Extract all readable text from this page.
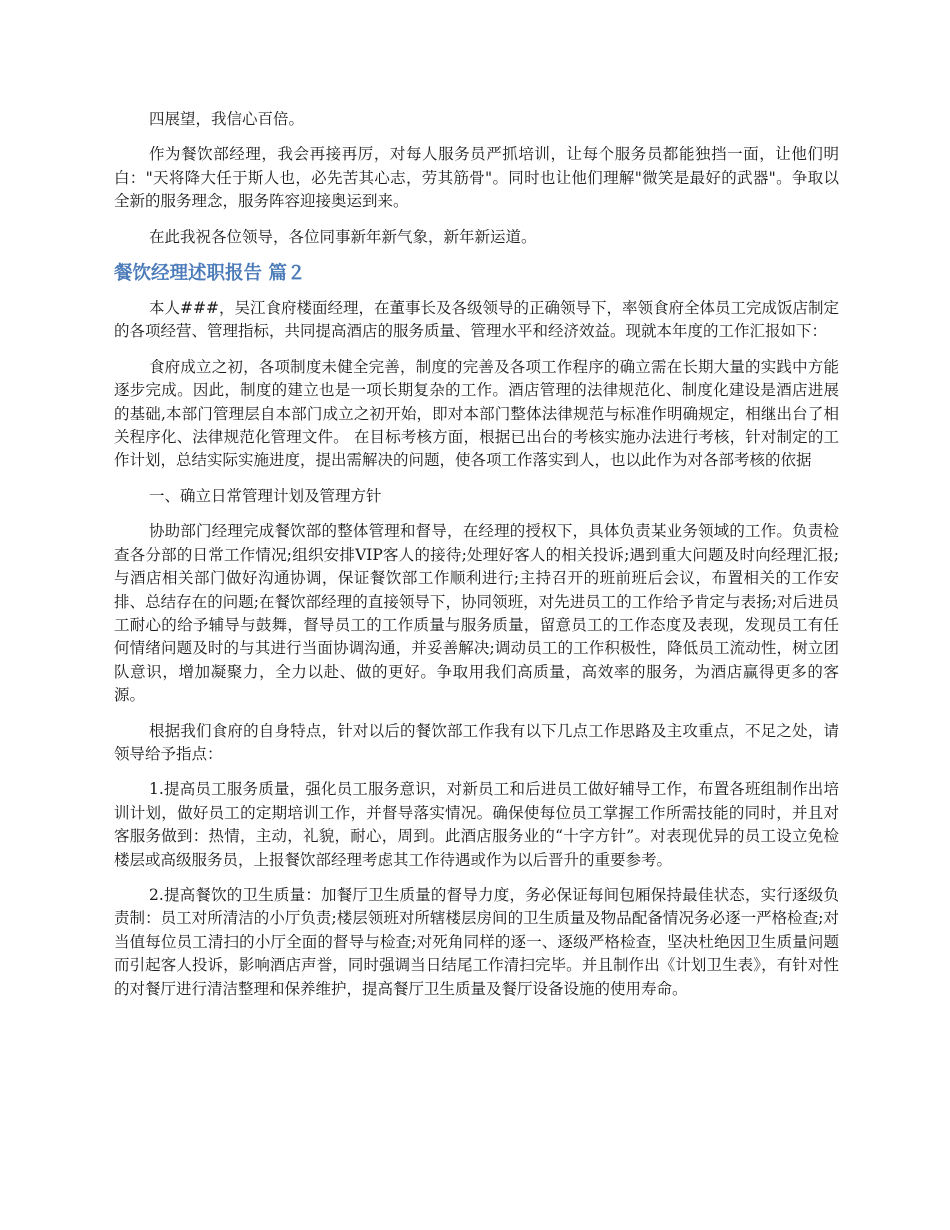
四展望，我信心百倍。

作为餐饮部经理，我会再接再厉，对每人服务员严抓培训，让每个服务员都能独挡一面，让他们明白："天将降大任于斯人也，必先苦其心志，劳其筋骨"。同时也让他们理解"微笑是最好的武器"。争取以全新的服务理念，服务阵容迎接奥运到来。

在此我祝各位领导，各位同事新年新气象，新年新运道。

餐饮经理述职报告 篇２

本人###，吴江食府楼面经理，在董事长及各级领导的正确领导下，率领食府全体员工完成饭店制定的各项经营、管理指标，共同提高酒店的服务质量、管理水平和经济效益。现就本年度的工作汇报如下：

食府成立之初，各项制度未健全完善，制度的完善及各项工作程序的确立需在长期大量的实践中方能逐步完成。因此，制度的建立也是一项长期复杂的工作。酒店管理的法律规范化、制度化建设是酒店进展的基础,本部门管理层自本部门成立之初开始，即对本部门整体法律规范与标准作明确规定，相继出台了相关程序化、法律规范化管理文件。 在目标考核方面，根据已出台的考核实施办法进行考核，针对制定的工作计划，总结实际实施进度，提出需解决的问题，使各项工作落实到人，也以此作为对各部考核的依据

一、确立日常管理计划及管理方针

协助部门经理完成餐饮部的整体管理和督导，在经理的授权下，具体负责某业务领域的工作。负责检查各分部的日常工作情况;组织安排VIP客人的接待;处理好客人的相关投诉;遇到重大问题及时向经理汇报;与酒店相关部门做好沟通协调，保证餐饮部工作顺利进行;主持召开的班前班后会议，布置相关的工作安排、总结存在的问题;在餐饮部经理的直接领导下，协同领班，对先进员工的工作给予肯定与表扬;对后进员工耐心的给予辅导与鼓舞，督导员工的工作质量与服务质量，留意员工的工作态度及表现，发现员工有任何情绪问题及时的与其进行当面协调沟通，并妥善解决;调动员工的工作积极性，降低员工流动性，树立团队意识，增加凝聚力，全力以赴、做的更好。争取用我们高质量，高效率的服务，为酒店赢得更多的客源。

根据我们食府的自身特点，针对以后的餐饮部工作我有以下几点工作思路及主攻重点，不足之处，请领导给予指点：

1.提高员工服务质量，强化员工服务意识，对新员工和后进员工做好辅导工作，布置各班组制作出培训计划，做好员工的定期培训工作，并督导落实情况。确保使每位员工掌握工作所需技能的同时，并且对客服务做到：热情，主动，礼貌，耐心，周到。此酒店服务业的“十字方针”。对表现优异的员工设立免检楼层或高级服务员，上报餐饮部经理考虑其工作待遇或作为以后晋升的重要参考。

2.提高餐饮的卫生质量：加餐厅卫生质量的督导力度，务必保证每间包厢保持最佳状态，实行逐级负责制：员工对所清洁的小厅负责;楼层领班对所辖楼层房间的卫生质量及物品配备情况务必逐一严格检查;对当值每位员工清扫的小厅全面的督导与检查;对死角同样的逐一、逐级严格检查，坚决杜绝因卫生质量问题而引起客人投诉，影响酒店声誉，同时强调当日结尾工作清扫完毕。并且制作出《计划卫生表》，有针对性的对餐厅进行清洁整理和保养维护，提高餐厅卫生质量及餐厅设备设施的使用寿命。
